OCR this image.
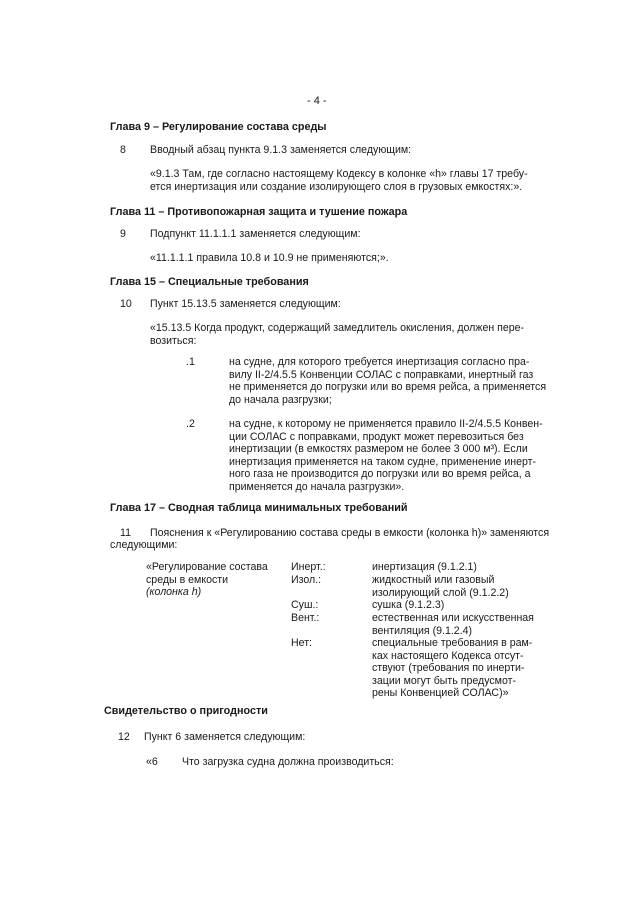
- 4 -
Глава 9 – Регулирование состава среды
8 Вводный абзац пункта 9.1.3 заменяется следующим:
«9.1.3 Там, где согласно настоящему Кодексу в колонке «h» главы 17 требу-
ется инертизация или создание изолирующего слоя в грузовых емкостях:».
Глава 11 – Противопожарная защита и тушение пожара
9 Подпункт 11.1.1.1 заменяется следующим:
«11.1.1.1 правила 10.8 и 10.9 не применяются;».
Глава 15 – Специальные требования
10 Пункт 15.13.5 заменяется следующим:
«15.13.5 Когда продукт, содержащий замедлитель окисления, должен пере-
возиться:
.1	на судне, для которого требуется инертизация согласно пра-
вилу II-2/4.5.5 Конвенции СОЛАС с поправками, инертный газ
не применяется до погрузки или во время рейса, а применяется
до начала разгрузки;
.2	на судне, к которому не применяется правило II-2/4.5.5 Конвен-
ции СОЛАС с поправками, продукт может перевозиться без
инертизации (в емкостях размером не более 3 000 м³). Если
инертизация применяется на таком судне, применение инерт-
ного газа не производится до погрузки или во время рейса, а
применяется до начала разгрузки».
Глава 17 – Сводная таблица минимальных требований
11 Пояснения к «Регулированию состава среды в емкости (колонка h)» заменяются
следующими:
«Регулирование состава
среды в емкости
(колонка h)
Инерт.:	инертизация (9.1.2.1)
Изол.:	жидкостный или газовый
изолирующий слой (9.1.2.2)
Суш.:	сушка (9.1.2.3)
Вент.:	естественная или искусственная
вентиляция (9.1.2.4)
Нет:	специальные требования в рам-
ках настоящего Кодекса отсут-
ствуют (требования по инерти-
зации могут быть предусмот-
рены Конвенцией СОЛАС)»
Свидетельство о пригодности
12 Пункт 6 заменяется следующим:
«6 Что загрузка судна должна производиться:
